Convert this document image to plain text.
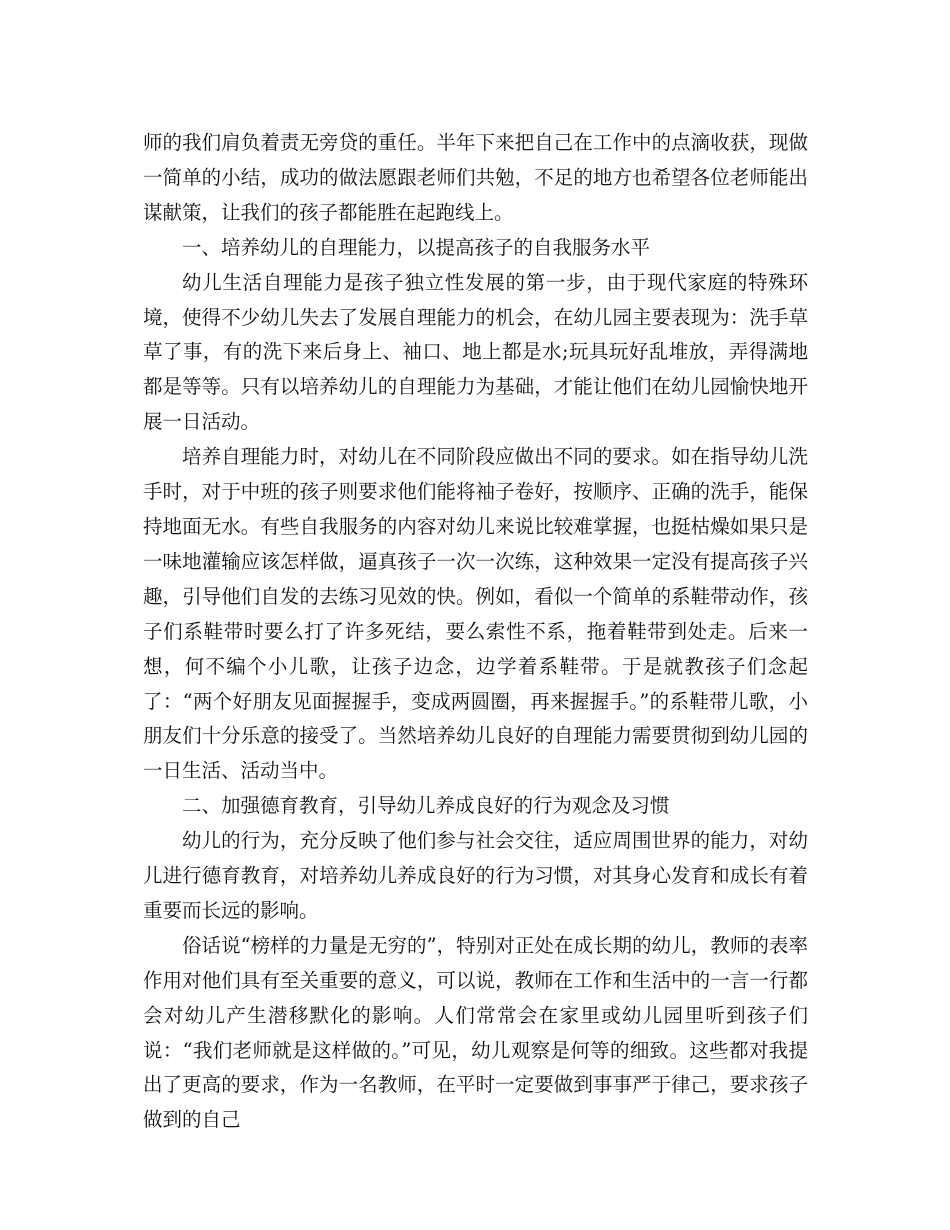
师的我们肩负着责无旁贷的重任。半年下来把自己在工作中的点滴收获，现做一简单的小结，成功的做法愿跟老师们共勉，不足的地方也希望各位老师能出谋献策，让我们的孩子都能胜在起跑线上。

一、培养幼儿的自理能力，以提高孩子的自我服务水平

幼儿生活自理能力是孩子独立性发展的第一步，由于现代家庭的特殊环境，使得不少幼儿失去了发展自理能力的机会，在幼儿园主要表现为：洗手草草了事，有的洗下来后身上、袖口、地上都是水;玩具玩好乱堆放，弄得满地都是等等。只有以培养幼儿的自理能力为基础，才能让他们在幼儿园愉快地开展一日活动。

培养自理能力时，对幼儿在不同阶段应做出不同的要求。如在指导幼儿洗手时，对于中班的孩子则要求他们能将袖子卷好，按顺序、正确的洗手，能保持地面无水。有些自我服务的内容对幼儿来说比较难掌握，也挺枯燥如果只是一味地灌输应该怎样做，逼真孩子一次一次练，这种效果一定没有提高孩子兴趣，引导他们自发的去练习见效的快。例如，看似一个简单的系鞋带动作，孩子们系鞋带时要么打了许多死结，要么索性不系，拖着鞋带到处走。后来一想，何不编个小儿歌，让孩子边念，边学着系鞋带。于是就教孩子们念起了：“两个好朋友见面握握手，变成两圆圈，再来握握手。”的系鞋带儿歌，小朋友们十分乐意的接受了。当然培养幼儿良好的自理能力需要贯彻到幼儿园的一日生活、活动当中。

二、加强德育教育，引导幼儿养成良好的行为观念及习惯

幼儿的行为，充分反映了他们参与社会交往，适应周围世界的能力，对幼儿进行德育教育，对培养幼儿养成良好的行为习惯，对其身心发育和成长有着重要而长远的影响。

俗话说“榜样的力量是无穷的”，特别对正处在成长期的幼儿，教师的表率作用对他们具有至关重要的意义，可以说，教师在工作和生活中的一言一行都会对幼儿产生潜移默化的影响。人们常常会在家里或幼儿园里听到孩子们说：“我们老师就是这样做的。”可见，幼儿观察是何等的细致。这些都对我提出了更高的要求，作为一名教师，在平时一定要做到事事严于律己，要求孩子做到的自己
